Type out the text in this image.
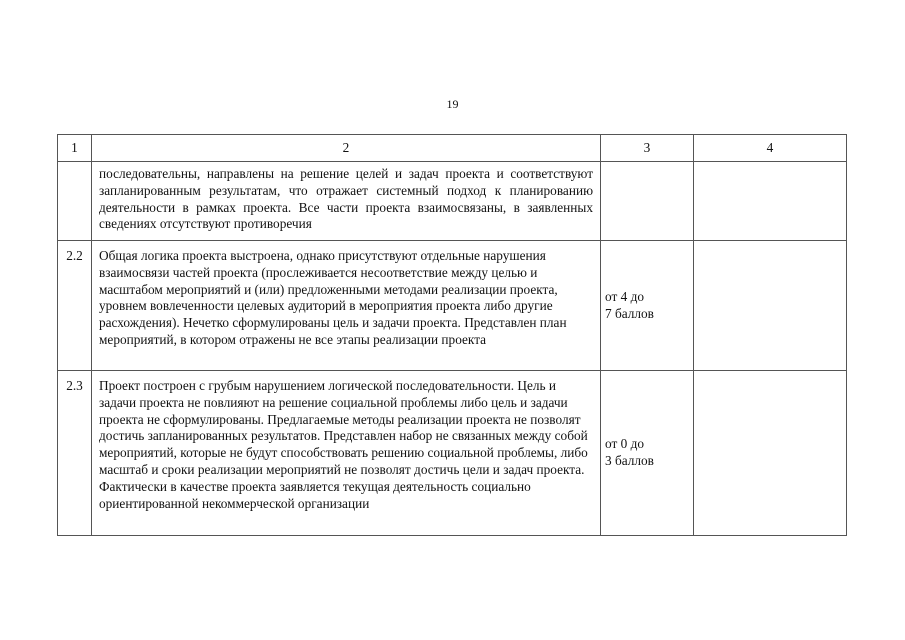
19
1	2	3	4
	последовательны, направлены на решение целей и задач проекта и соответствуют запланированным результатам, что отражает системный подход к планированию деятельности в рамках проекта. Все части проекта взаимосвязаны, в заявленных сведениях отсутствуют противоречия		
2.2	Общая логика проекта выстроена, однако присутствуют отдельные нарушения взаимосвязи частей проекта (прослеживается несоответствие между целью и масштабом мероприятий и (или) предложенными методами реализации проекта, уровнем вовлеченности целевых аудиторий в мероприятия проекта либо другие расхождения). Нечетко сформулированы цель и задачи проекта. Представлен план мероприятий, в котором отражены не все этапы реализации проекта	от 4 до
7 баллов	

2.3	Проект построен с грубым нарушением логической последовательности. Цель и задачи проекта не повлияют на решение социальной проблемы либо цель и задачи проекта не сформулированы. Предлагаемые методы реализации проекта не позволят достичь запланированных результатов. Представлен набор не связанных между собой мероприятий, которые не будут способствовать решению социальной проблемы, либо масштаб и сроки реализации мероприятий не позволят достичь цели и задач проекта. Фактически в качестве проекта заявляется текущая деятельность социально ориентированной некоммерческой организации	от 0 до
3 баллов	
